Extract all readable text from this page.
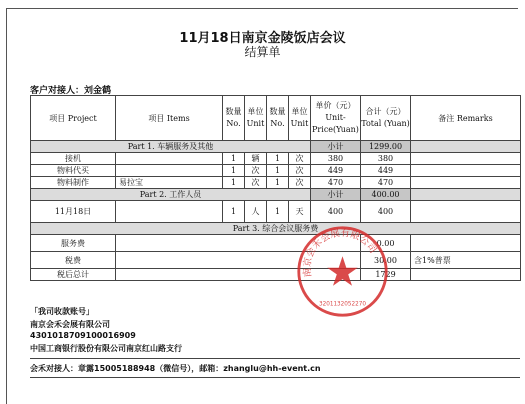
11月18日南京金陵饭店会议
结算单
客户对接人：刘金鹤
项目 Project	项目 Items	数量 No.	单位 Unit	数量 No.	单位 Unit	单价（元） Unit-Price(Yuan)	合计（元） Total (Yuan)	备注 Remarks
Part 1. 车辆服务及其他						小计	1299.00	
接机		1	辆	1	次	380	380	
物料代买		1	次	1	次	449	449	
物料制作	易拉宝	1	次	1	次	470	470	
Part 2. 工作人员						小计	400.00	
11月18日		1	人	1	天	400	400	
Part 3. 综合会议服务费								
服务费							0.00	
税费							30.00	含1%普票
税后总计							1729	
「我司收款账号」
南京会禾会展有限公司
4301018709100016909
中国工商银行股份有限公司南京红山路支行
会禾对接人：章露15005188948（微信号），邮箱：zhanglu@hh-event.cn
南京会禾会展有限公司
3201132052270
